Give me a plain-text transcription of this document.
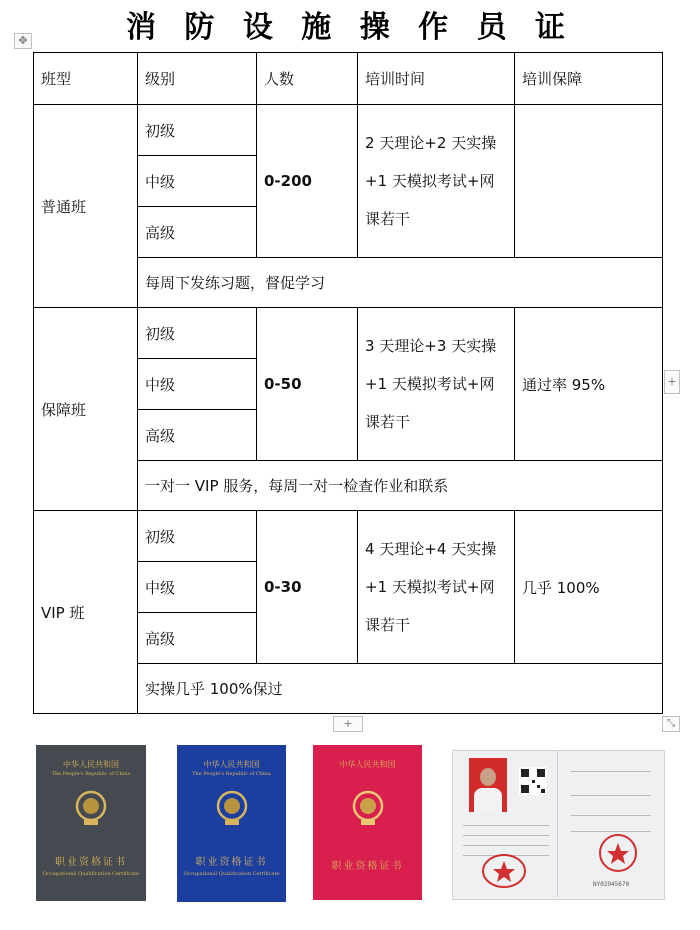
消 防 设 施 操 作 员 证
✥
班型	级别	人数	培训时间	培训保障
普通班	初级	0-200	2 天理论+2 天实操
+1 天模拟考试+网
课若干	

	中级			
	高级			
	每周下发练习题，督促学习			
保障班	初级	0-50	3 天理论+3 天实操
+1 天模拟考试+网
课若干	通过率 95%
	中级			
	高级			
	一对一 VIP 服务，每周一对一检查作业和联系			
VIP 班	初级	0-30	4 天理论+4 天实操
+1 天模拟考试+网
课若干	几乎 100%
	中级			
	高级			
	实操几乎 100%保过			
+
+	⤡
中华人民共和国
The People's Republic of China
职业资格证书
Occupational Qualification Certificate
中华人民共和国
The People's Republic of China
职业资格证书
Occupational Qualification Certificate
中华人民共和国
职业资格证书
NY02945670
